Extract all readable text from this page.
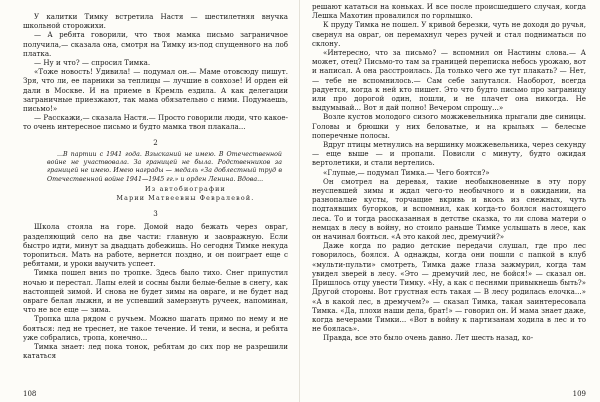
У калитки Тимку встретила Настя — шестилетняя внучка школьной сторожихи.

— А ребята говорили, что твоя мамка письмо заграничное получила,— сказала она, смотря на Тимку из-под спущенного на лоб платка.

— Ну и что? — спросил Тимка.

«Тоже новость! Удивила! — подумал он.— Маме отовсюду пишут. Зря, что ли, ее парники за теплицы — лучшие в совхозе! И орден ей дали в Москве. И на приеме в Кремль ездила. А как делегации заграничные приезжают, так мама обязательно с ними. Подумаешь, письмо!»

— Расскажи,— сказала Настя.— Просто говорили люди, что какое-то очень интересное письмо и будто мамка твоя плакала...

2
...В партии с 1941 года. Взысканий не имею. В Отечественной войне не участвовала. За границей не была. Родственников за границей не имею. Имею награды — медаль «За доблестный труд в Отечественной войне 1941—1945 гг.» и орден Ленина. Вдова...
Из автобиографии
Марии Матвеевны Февралевой.
3

Школа стояла на горе. Домой надо бежать через овраг, разделяющий село на две части: главную и заовражную. Если быстро идти, минут за двадцать добежишь. Но сегодня Тимке некуда торопиться. Мать на работе, вернется поздно, и он поиграет еще с ребятами, и уроки выучить успеет.

Тимка пошел вниз по тропке. Здесь было тихо. Снег припустил ночью и перестал. Лапы елей и сосны были белые-белые в снегу, как настоящей зимой. И снова не будет зимы на овраге, и не будет над овраге белая лыжня, и не успевший замерзнуть ручеек, напоминая, что не все еще — зима.

Тропка шла рядом с ручьем. Можно шагать прямо по нему и не бояться: лед не треснет, не такое течение. И тени, и весна, и ребята уже собрались, тропа, конечно...

Тимка знает: лед пока тонок, ребятам до сих пор не разрешили кататься

108

решают кататься на коньках. И все после происшедшего случая, когда Лешка Махотин провалился по горлышко.

К пруду Тимка не пошел. У кривой березки, чуть не доходя до ручья, свернул на овраг, он перемахнул через ручей и стал подниматься по склону.

«Интересно, что за письмо? — вспомнил он Настины слова.— А может, отец? Письмо-то там за границей переписка небось урожаю, вот и написал. А она расстроилась. Да только чего же тут плакать? — Нет,— тебе не вспомнилось.— Сам себе запутался. Наоборот, всегда радуется, когда к ней кто пишет. Это что будто письмо про заграницу или про дорогой один, пошли, и не плачет она никогда. Не выдумывай... Вот я дай полно! Вечером спрошу...»

Возле кустов молодого сизого можжевельника прыгали две синицы. Головы и брюшки у них беловатые, и на крыльях — белесые поперечные полосы.

Вдруг птицы метнулись на вершинку можжевельника, через секунду — еще выше — и пропали. Повисли с минуту, будто ожидая вертолетики, и стали вертелись.

«Глупые,— подумал Тимка.— Чего боятся?»

Он смотрел на деревья, такие необыкновенные в эту пору неуспевшей зимы и ждал чего-то необычного и в ожидании, на разнопалые кусты, торчащие вкривь и вкось из снежных, чуть подтаявших бугорков, и вспомнил, как когда-то боялся настоящего леса. То и тогда рассказанная в детстве сказка, то ли слова матери о немцах в лесу в войну, но стоило раньше Тимке услышать в лесе, как он начинал бояться. «А это какой лес, дремучий?»

Даже когда по радио детские передачи слушал, где про лес говорилось, боялся. А однажды, когда они пошли с папкой в клуб «мульти-пульти» смотреть, Тимка даже глаза зажмурил, когда там увидел зверей в лесу. «Это — дремучий лес, не бойся!» — сказал он. Пришлось отцу увести Тимку. «Ну, а как с песнями привыкнешь быть?» Другой стороны. Вот грустная есть такая — В лесу родилась елочка...» «А в какой лес, в дремучем?» — сказал Тимка, такая заинтересовала Тимка. «Да, плохи наши дела, брат!» — говорил он. И мама знает даже, когда вечерами Тимки... «Вот в войну к партизанам ходила в лес и то не боялась».

Правда, все это было очень давно. Лет шесть назад, ко-

109
